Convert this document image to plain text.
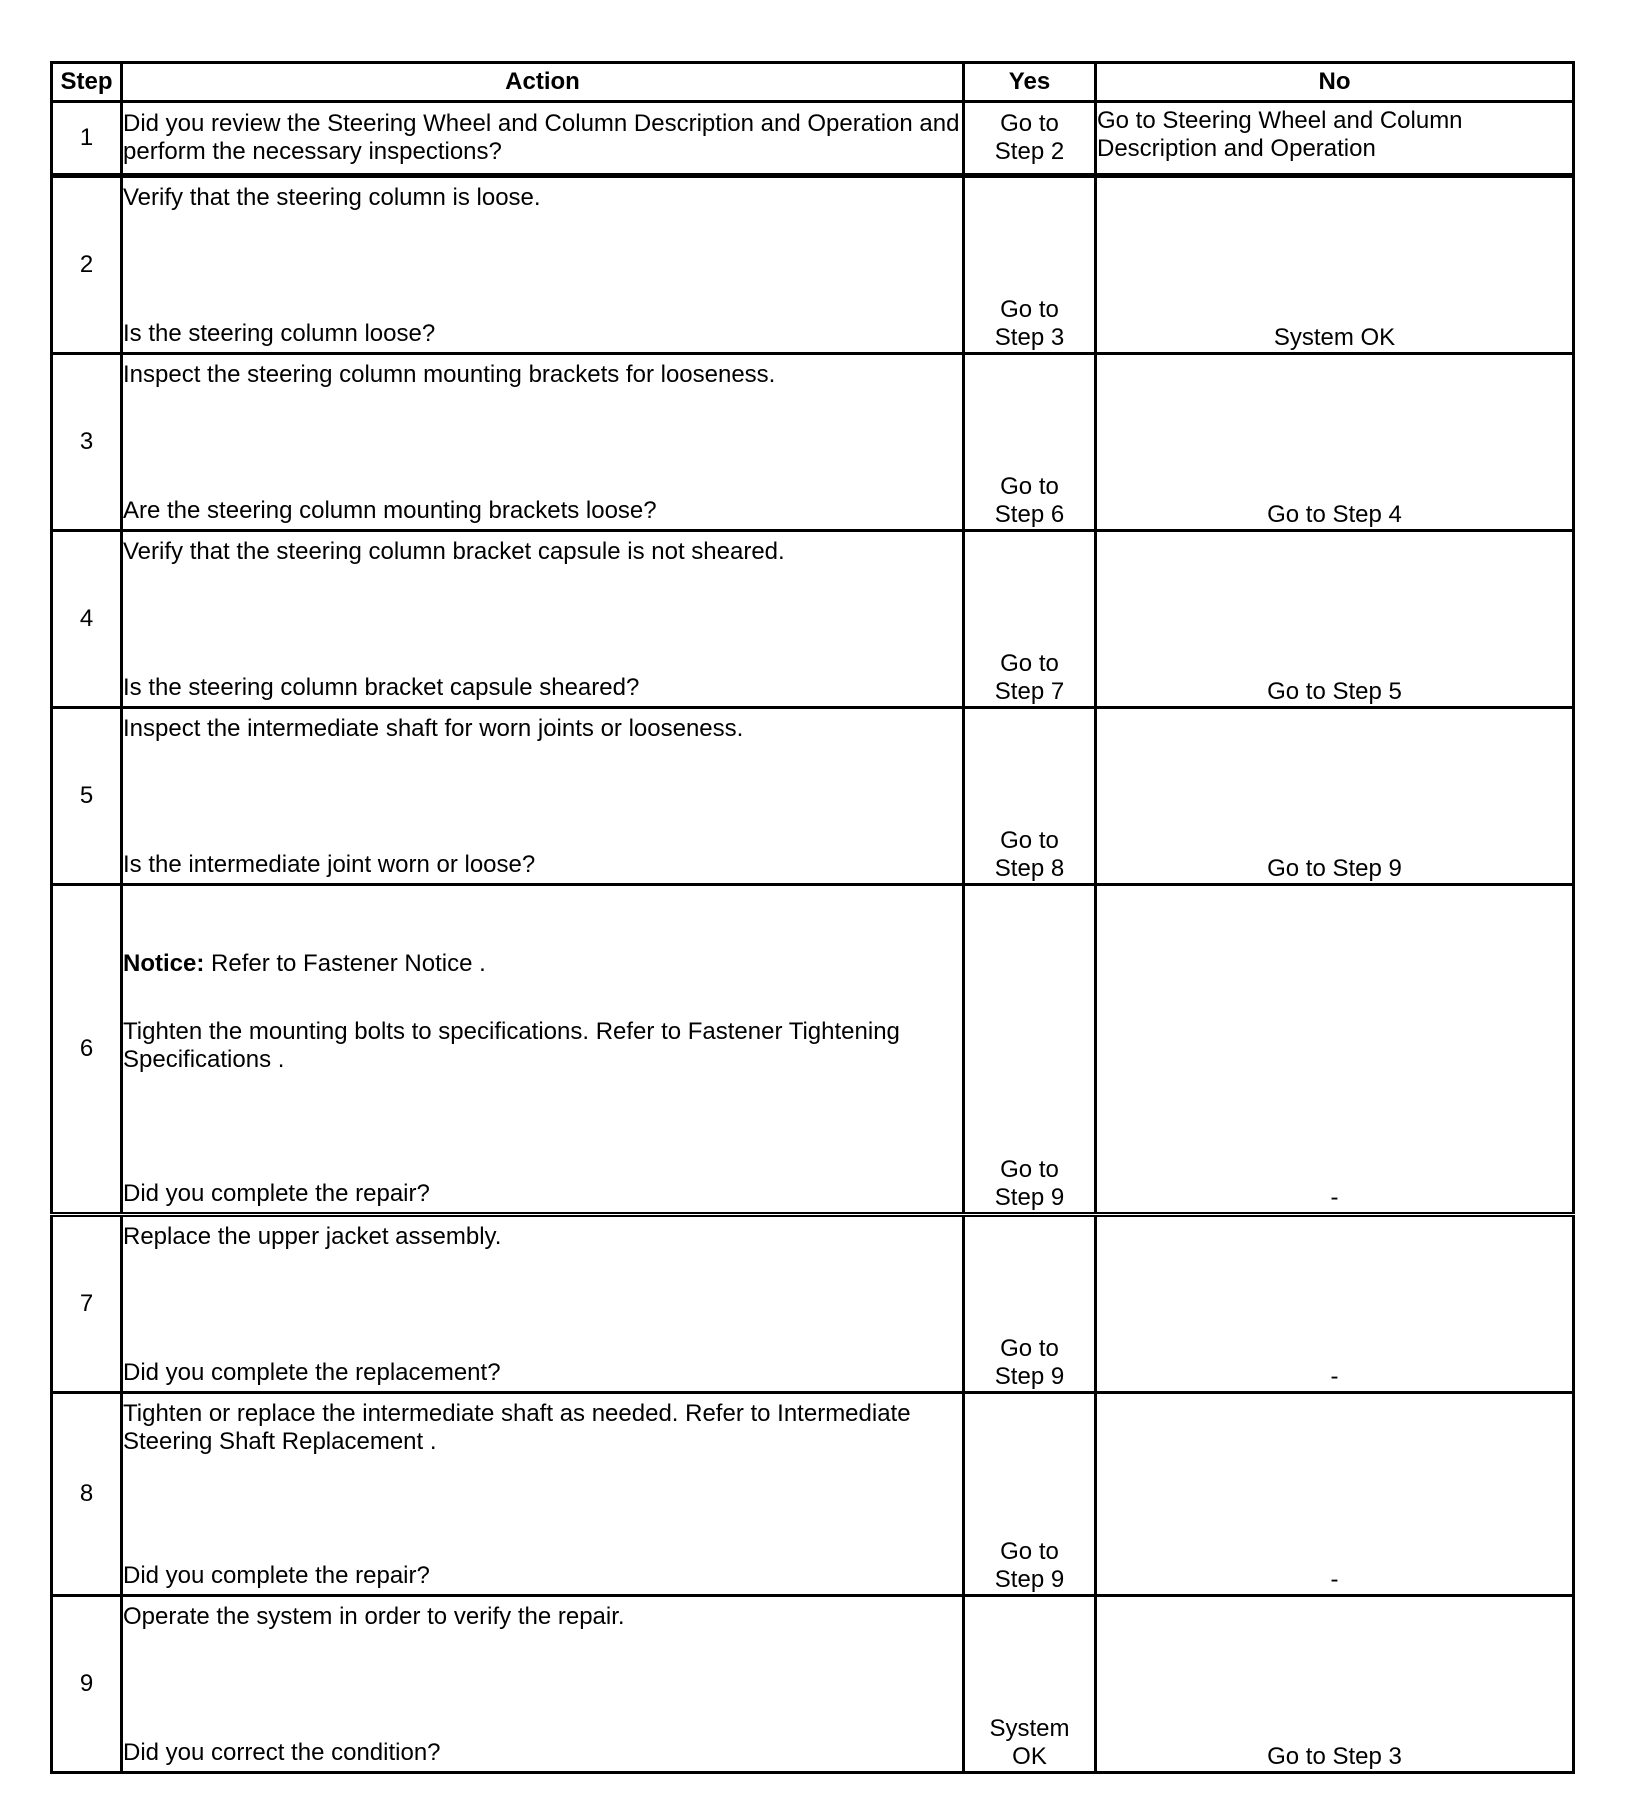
Step	Action	Yes	No
1	Did you review the Steering Wheel and Column Description and Operation and perform the necessary inspections?	Go to Step 2	Go to Steering Wheel and Column Description and Operation
2	Verify that the steering column is loose.
Is the steering column loose?	Go to Step 3	System OK
3	Inspect the steering column mounting brackets for looseness.
Are the steering column mounting brackets loose?	Go to Step 6	Go to Step 4
4	Verify that the steering column bracket capsule is not sheared.
Is the steering column bracket capsule sheared?	Go to Step 7	Go to Step 5
5	Inspect the intermediate shaft for worn joints or looseness.
Is the intermediate joint worn or loose?	Go to Step 8	Go to Step 9
6	Notice: Refer to Fastener Notice .
Tighten the mounting bolts to specifications. Refer to Fastener Tightening Specifications .
Did you complete the repair?	Go to Step 9	-
7	Replace the upper jacket assembly.
Did you complete the replacement?	Go to Step 9	-
8	Tighten or replace the intermediate shaft as needed. Refer to Intermediate Steering Shaft Replacement .
Did you complete the repair?	Go to Step 9	-
9	Operate the system in order to verify the repair.
Did you correct the condition?	System OK	Go to Step 3
